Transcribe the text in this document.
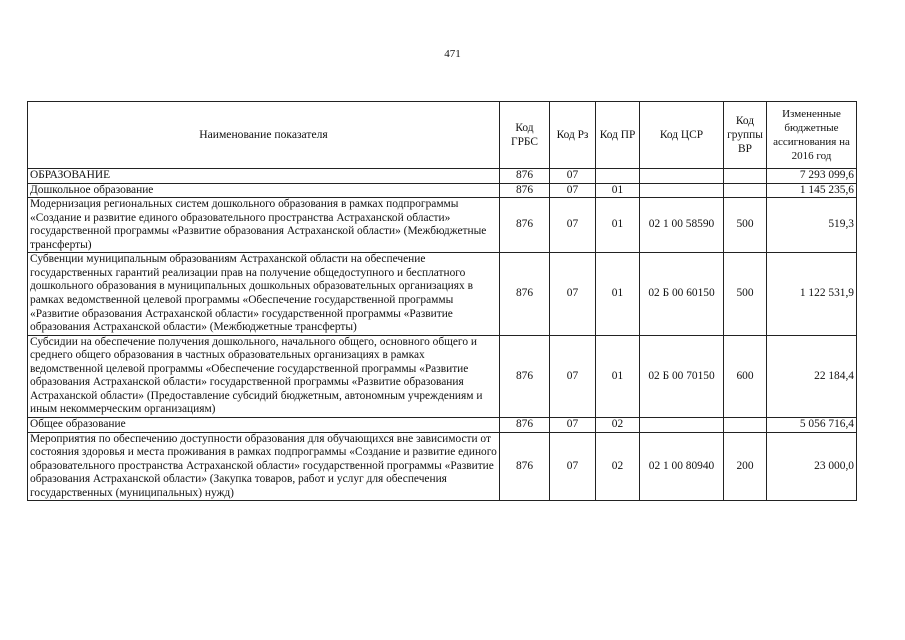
471
Наименование показателя	Код ГРБС	Код Рз	Код ПР	Код ЦСР	Код группы ВР	Измененные бюджетные ассигнования на 2016 год
ОБРАЗОВАНИЕ	876	07				7 293 099,6
Дошкольное образование	876	07	01			1 145 235,6
Модернизация региональных систем дошкольного образования в рамках подпрограммы «Создание и развитие единого образовательного пространства Астраханской области» государственной программы «Развитие образования Астраханской области» (Межбюджетные трансферты)	876	07	01	02 1 00 58590	500	519,3
Субвенции муниципальным образованиям Астраханской области на обеспечение государственных гарантий реализации прав на получение общедоступного и бесплатного дошкольного образования в муниципальных дошкольных образовательных организациях в рамках ведомственной целевой программы «Обеспечение государственной программы «Развитие образования Астраханской области» государственной программы «Развитие образования Астраханской области» (Межбюджетные трансферты)	876	07	01	02 Б 00 60150	500	1 122 531,9
Субсидии на обеспечение получения дошкольного, начального общего, основного общего и среднего общего образования в частных образовательных организациях в рамках ведомственной целевой программы «Обеспечение государственной программы «Развитие образования Астраханской области» государственной программы «Развитие образования Астраханской области» (Предоставление субсидий бюджетным, автономным учреждениям и иным некоммерческим организациям)	876	07	01	02 Б 00 70150	600	22 184,4
Общее образование	876	07	02			5 056 716,4
Мероприятия по обеспечению доступности образования для обучающихся вне зависимости от состояния здоровья и места проживания в рамках подпрограммы «Создание и развитие единого образовательного пространства Астраханской области» государственной программы «Развитие образования Астраханской области» (Закупка товаров, работ и услуг для обеспечения государственных (муниципальных) нужд)	876	07	02	02 1 00 80940	200	23 000,0
